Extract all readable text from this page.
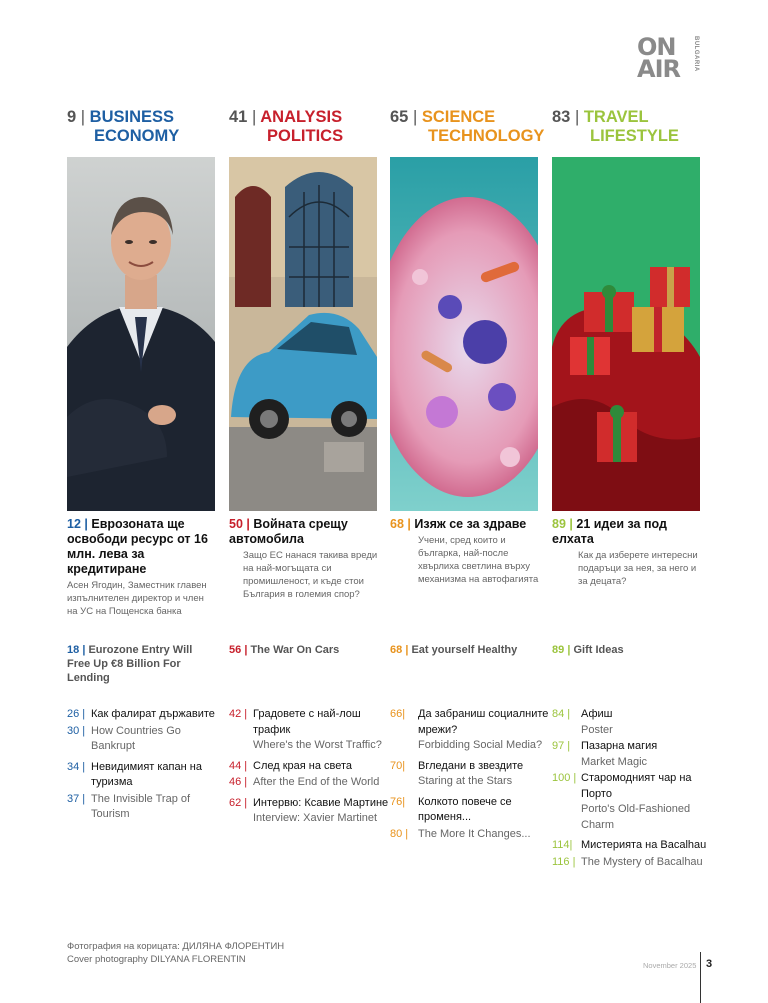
ON
AIR BULGARIA
9 | BUSINESS
ECONOMY
12 | Еврозоната ще освободи ресурс от 16 млн. лева за кредитиране
Асен Ягодин, Заместник главен изпълнителен директор и член на УС на Пощенска банка
18 | Eurozone Entry Will Free Up €8 Billion For Lending
26 | Как фалират държавите
30 | How Countries Go Bankrupt
34 | Невидимият капан на туризма
37 | The Invisible Trap of Tourism
41 | ANALYSIS
POLITICS
50 | Войната срещу автомобила
Защо ЕС нанася такива вреди на най-могъщата си промишленост, и къде стои България в големия спор?
56 | The War On Cars
42 | Градовете с най-лош трафик
Where's the Worst Traffic?
44 | След края на света
46 | After the End of the World
62 | Интервю: Ксавие Мартине
Interview: Xavier Martinet
65 | SCIENCE
TECHNOLOGY
68 | Изяж се за здраве
Учени, сред които и българка, най-после хвърлиха светлина върху механизма на автофагията
68 | Eat yourself Healthy
66|	Да забраниш социалните мрежи?
Forbidding Social Media?
70|	Вгледани в звездите
Staring at the Stars
76|	Колкото повече се променя...
80 | The More It Changes...
83 | TRAVEL
LIFESTYLE
89 | 21 идеи за под елхата
Как да изберете интересни подаръци за нея, за него и за децата?
89 | Gift Ideas
84 | Афиш
Poster
97 | Пазарна магия
Market Magic
100 | Старомодният чар на Порто
Porto's Old-Fashioned Charm
114| Мистерията на Bacalhau
116 | The Mystery of Bacalhau
Фотография на корицата: ДИЛЯНА ФЛОРЕНТИН
Cover photography DILYANA FLORENTIN
November 2025 3
